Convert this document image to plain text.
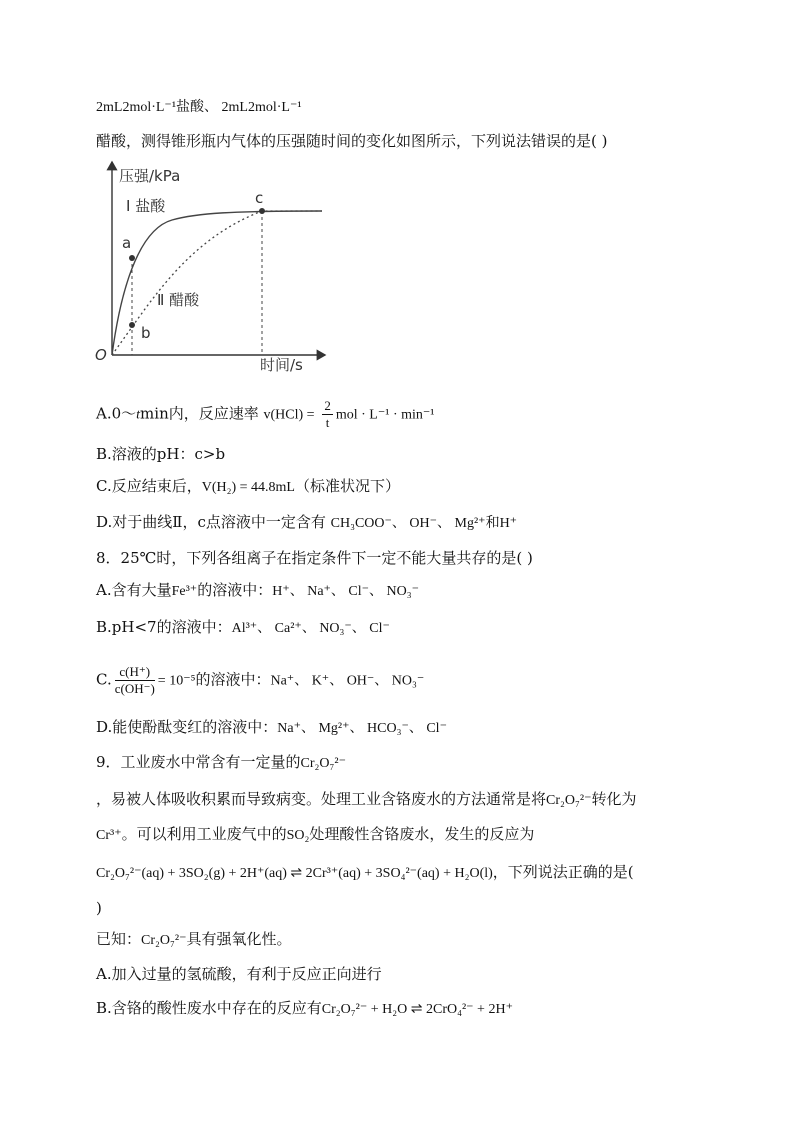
2mL2mol·L⁻¹盐酸、 2mL2mol·L⁻¹
醋酸，测得锥形瓶内气体的压强随时间的变化如图所示，下列说法错误的是( )
压强/kPa
时间/s
O
a
b
c
Ⅰ 盐酸
Ⅱ 醋酸
A.0～tmin内，反应速率 $v(HCl) = \frac{2}{t}$ mol · L⁻¹ · min⁻¹
B.溶液的pH：c>b
C.反应结束后，V(H₂) = 44.8mL（标准状况下）
D.对于曲线Ⅱ，c点溶液中一定含有 CH₃COO⁻、 OH⁻、 Mg²⁺和H⁺
8．25℃时，下列各组离子在指定条件下一定不能大量共存的是( )
A.含有大量Fe³⁺的溶液中：H⁺、 Na⁺、 Cl⁻、 NO₃⁻
B.pH<7的溶液中：Al³⁺、 Ca²⁺、 NO₃⁻、 Cl⁻
C. $\frac{c(H^+)}{c(OH^-)} = 10^{-5}$的溶液中：Na⁺、 K⁺、 OH⁻、 NO₃⁻
D.能使酚酞变红的溶液中：Na⁺、 Mg²⁺、 HCO₃⁻、 Cl⁻
9．工业废水中常含有一定量的Cr₂O₇²⁻
，易被人体吸收积累而导致病变。处理工业含铬废水的方法通常是将Cr₂O₇²⁻转化为
Cr³⁺。可以利用工业废气中的SO₂处理酸性含铬废水，发生的反应为
Cr₂O₇²⁻(aq) + 3SO₂(g) + 2H⁺(aq) ⇌ 2Cr³⁺(aq) + 3SO₄²⁻(aq) + H₂O(l)，下列说法正确的是(
)
已知：Cr₂O₇²⁻具有强氧化性。
A.加入过量的氢硫酸，有利于反应正向进行
B.含铬的酸性废水中存在的反应有Cr₂O₇²⁻ + H₂O ⇌ 2CrO₄²⁻ + 2H⁺
